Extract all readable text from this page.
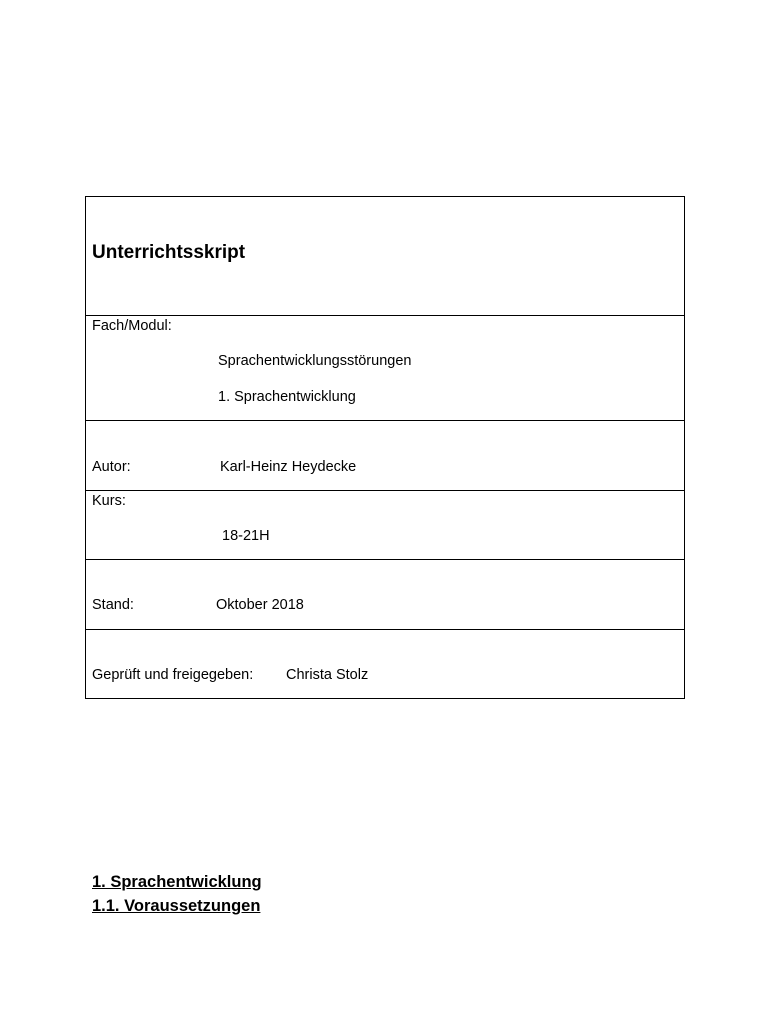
Unterrichtsskript
Fach/Modul:
Sprachentwicklungsstörungen
1. Sprachentwicklung
Autor:	Karl-Heinz Heydecke
Kurs:
18-21H
Stand:	Oktober 2018
Geprüft und freigegeben: Christa Stolz
1. Sprachentwicklung
1.1. Voraussetzungen
